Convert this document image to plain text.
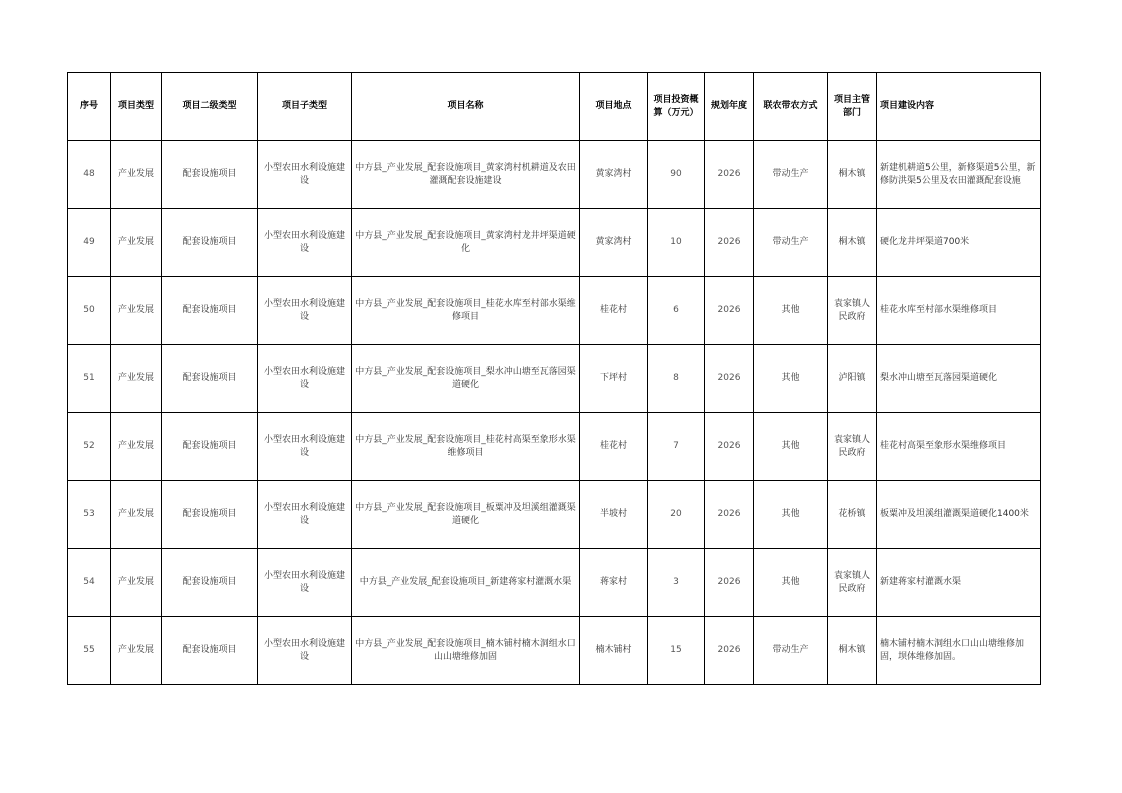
序号	项目类型	项目二级类型	项目子类型	项目名称	项目地点	项目投资概算（万元）	规划年度	联农带农方式	项目主管部门	项目建设内容
48	产业发展	配套设施项目	小型农田水利设施建设	中方县_产业发展_配套设施项目_黄家湾村机耕道及农田灌溉配套设施建设	黄家湾村	90	2026	带动生产	桐木镇	新建机耕道5公里，新修渠道5公里，新修防洪渠5公里及农田灌溉配套设施
49	产业发展	配套设施项目	小型农田水利设施建设	中方县_产业发展_配套设施项目_黄家湾村龙井坪渠道硬化	黄家湾村	10	2026	带动生产	桐木镇	硬化龙井坪渠道700米
50	产业发展	配套设施项目	小型农田水利设施建设	中方县_产业发展_配套设施项目_桂花水库至村部水渠维修项目	桂花村	6	2026	其他	袁家镇人民政府	桂花水库至村部水渠维修项目
51	产业发展	配套设施项目	小型农田水利设施建设	中方县_产业发展_配套设施项目_梨水冲山塘至瓦落园渠道硬化	下坪村	8	2026	其他	泸阳镇	梨水冲山塘至瓦落园渠道硬化
52	产业发展	配套设施项目	小型农田水利设施建设	中方县_产业发展_配套设施项目_桂花村高渠至象形水渠维修项目	桂花村	7	2026	其他	袁家镇人民政府	桂花村高渠至象形水渠维修项目
53	产业发展	配套设施项目	小型农田水利设施建设	中方县_产业发展_配套设施项目_板粟冲及坦溪组灌溉渠道硬化	半坡村	20	2026	其他	花桥镇	板粟冲及坦溪组灌溉渠道硬化1400米
54	产业发展	配套设施项目	小型农田水利设施建设	中方县_产业发展_配套设施项目_新建蒋家村灌溉水渠	蒋家村	3	2026	其他	袁家镇人民政府	新建蒋家村灌溉水渠
55	产业发展	配套设施项目	小型农田水利设施建设	中方县_产业发展_配套设施项目_楠木铺村楠木洞组水口山山塘维修加固	楠木铺村	15	2026	带动生产	桐木镇	楠木铺村楠木洞组水口山山塘维修加固，坝体维修加固。
